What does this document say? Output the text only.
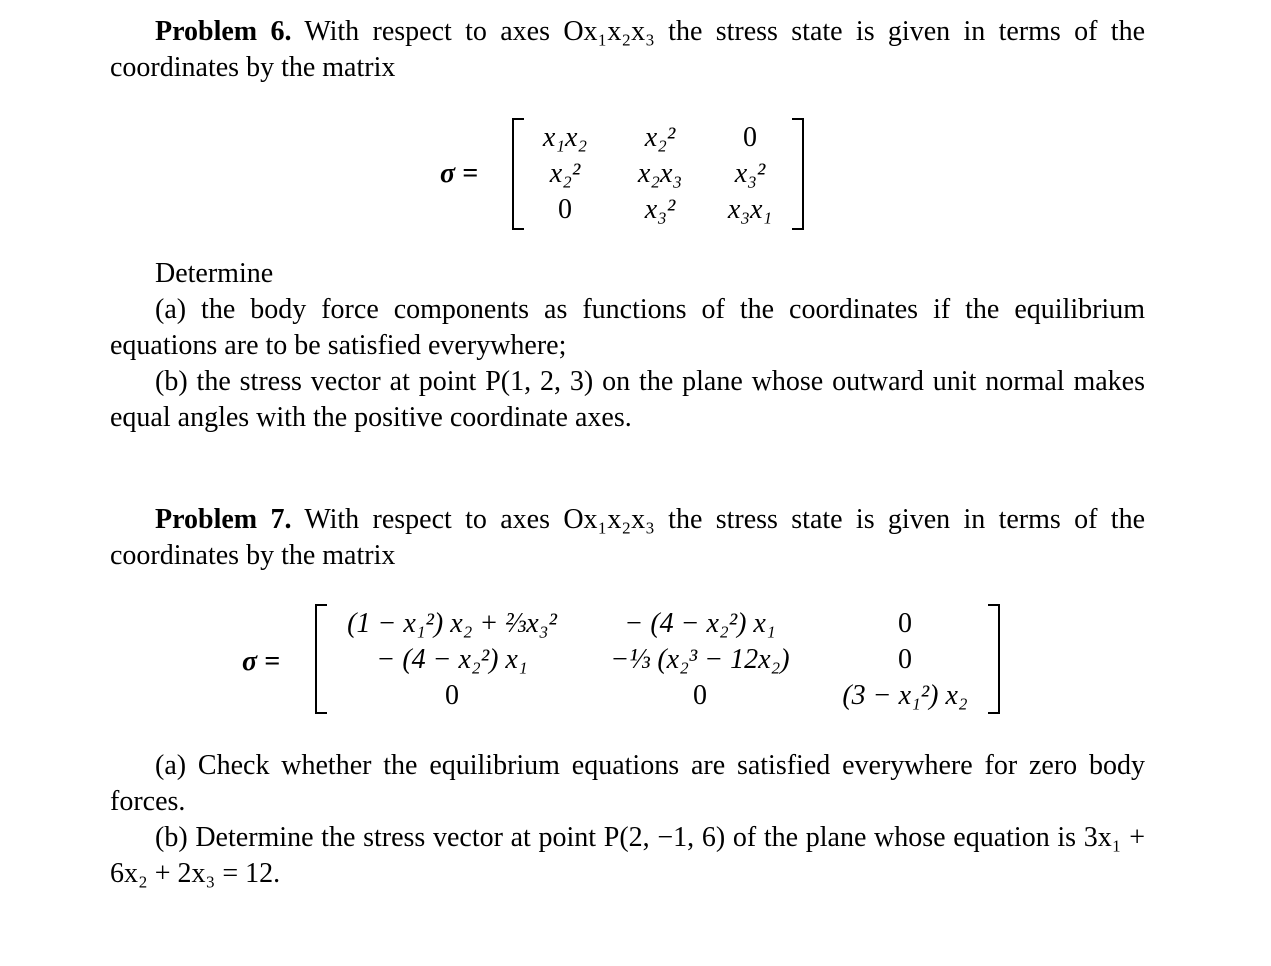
Problem 6. With respect to axes Ox₁x₂x₃ the stress state is given in terms of the coordinates by the matrix

σ =
x₁x₂	x₂²	0
x₂²	x₂x₃	x₃²
0	x₃²	x₃x₁

Determine

(a) the body force components as functions of the coordinates if the equilibrium equations are to be satisfied everywhere;

(b) the stress vector at point P(1, 2, 3) on the plane whose outward unit normal makes equal angles with the positive coordinate axes.

Problem 7. With respect to axes Ox₁x₂x₃ the stress state is given in terms of the coordinates by the matrix

σ =
(1 − x₁²) x₂ + ⅔x₃²	− (4 − x₂²) x₁	0
− (4 − x₂²) x₁	−⅓ (x₂³ − 12x₂)	0
0	0	(3 − x₁²) x₂

(a) Check whether the equilibrium equations are satisfied everywhere for zero body forces.

(b) Determine the stress vector at point P(2, −1, 6) of the plane whose equation is 3x₁ + 6x₂ + 2x₃ = 12.
